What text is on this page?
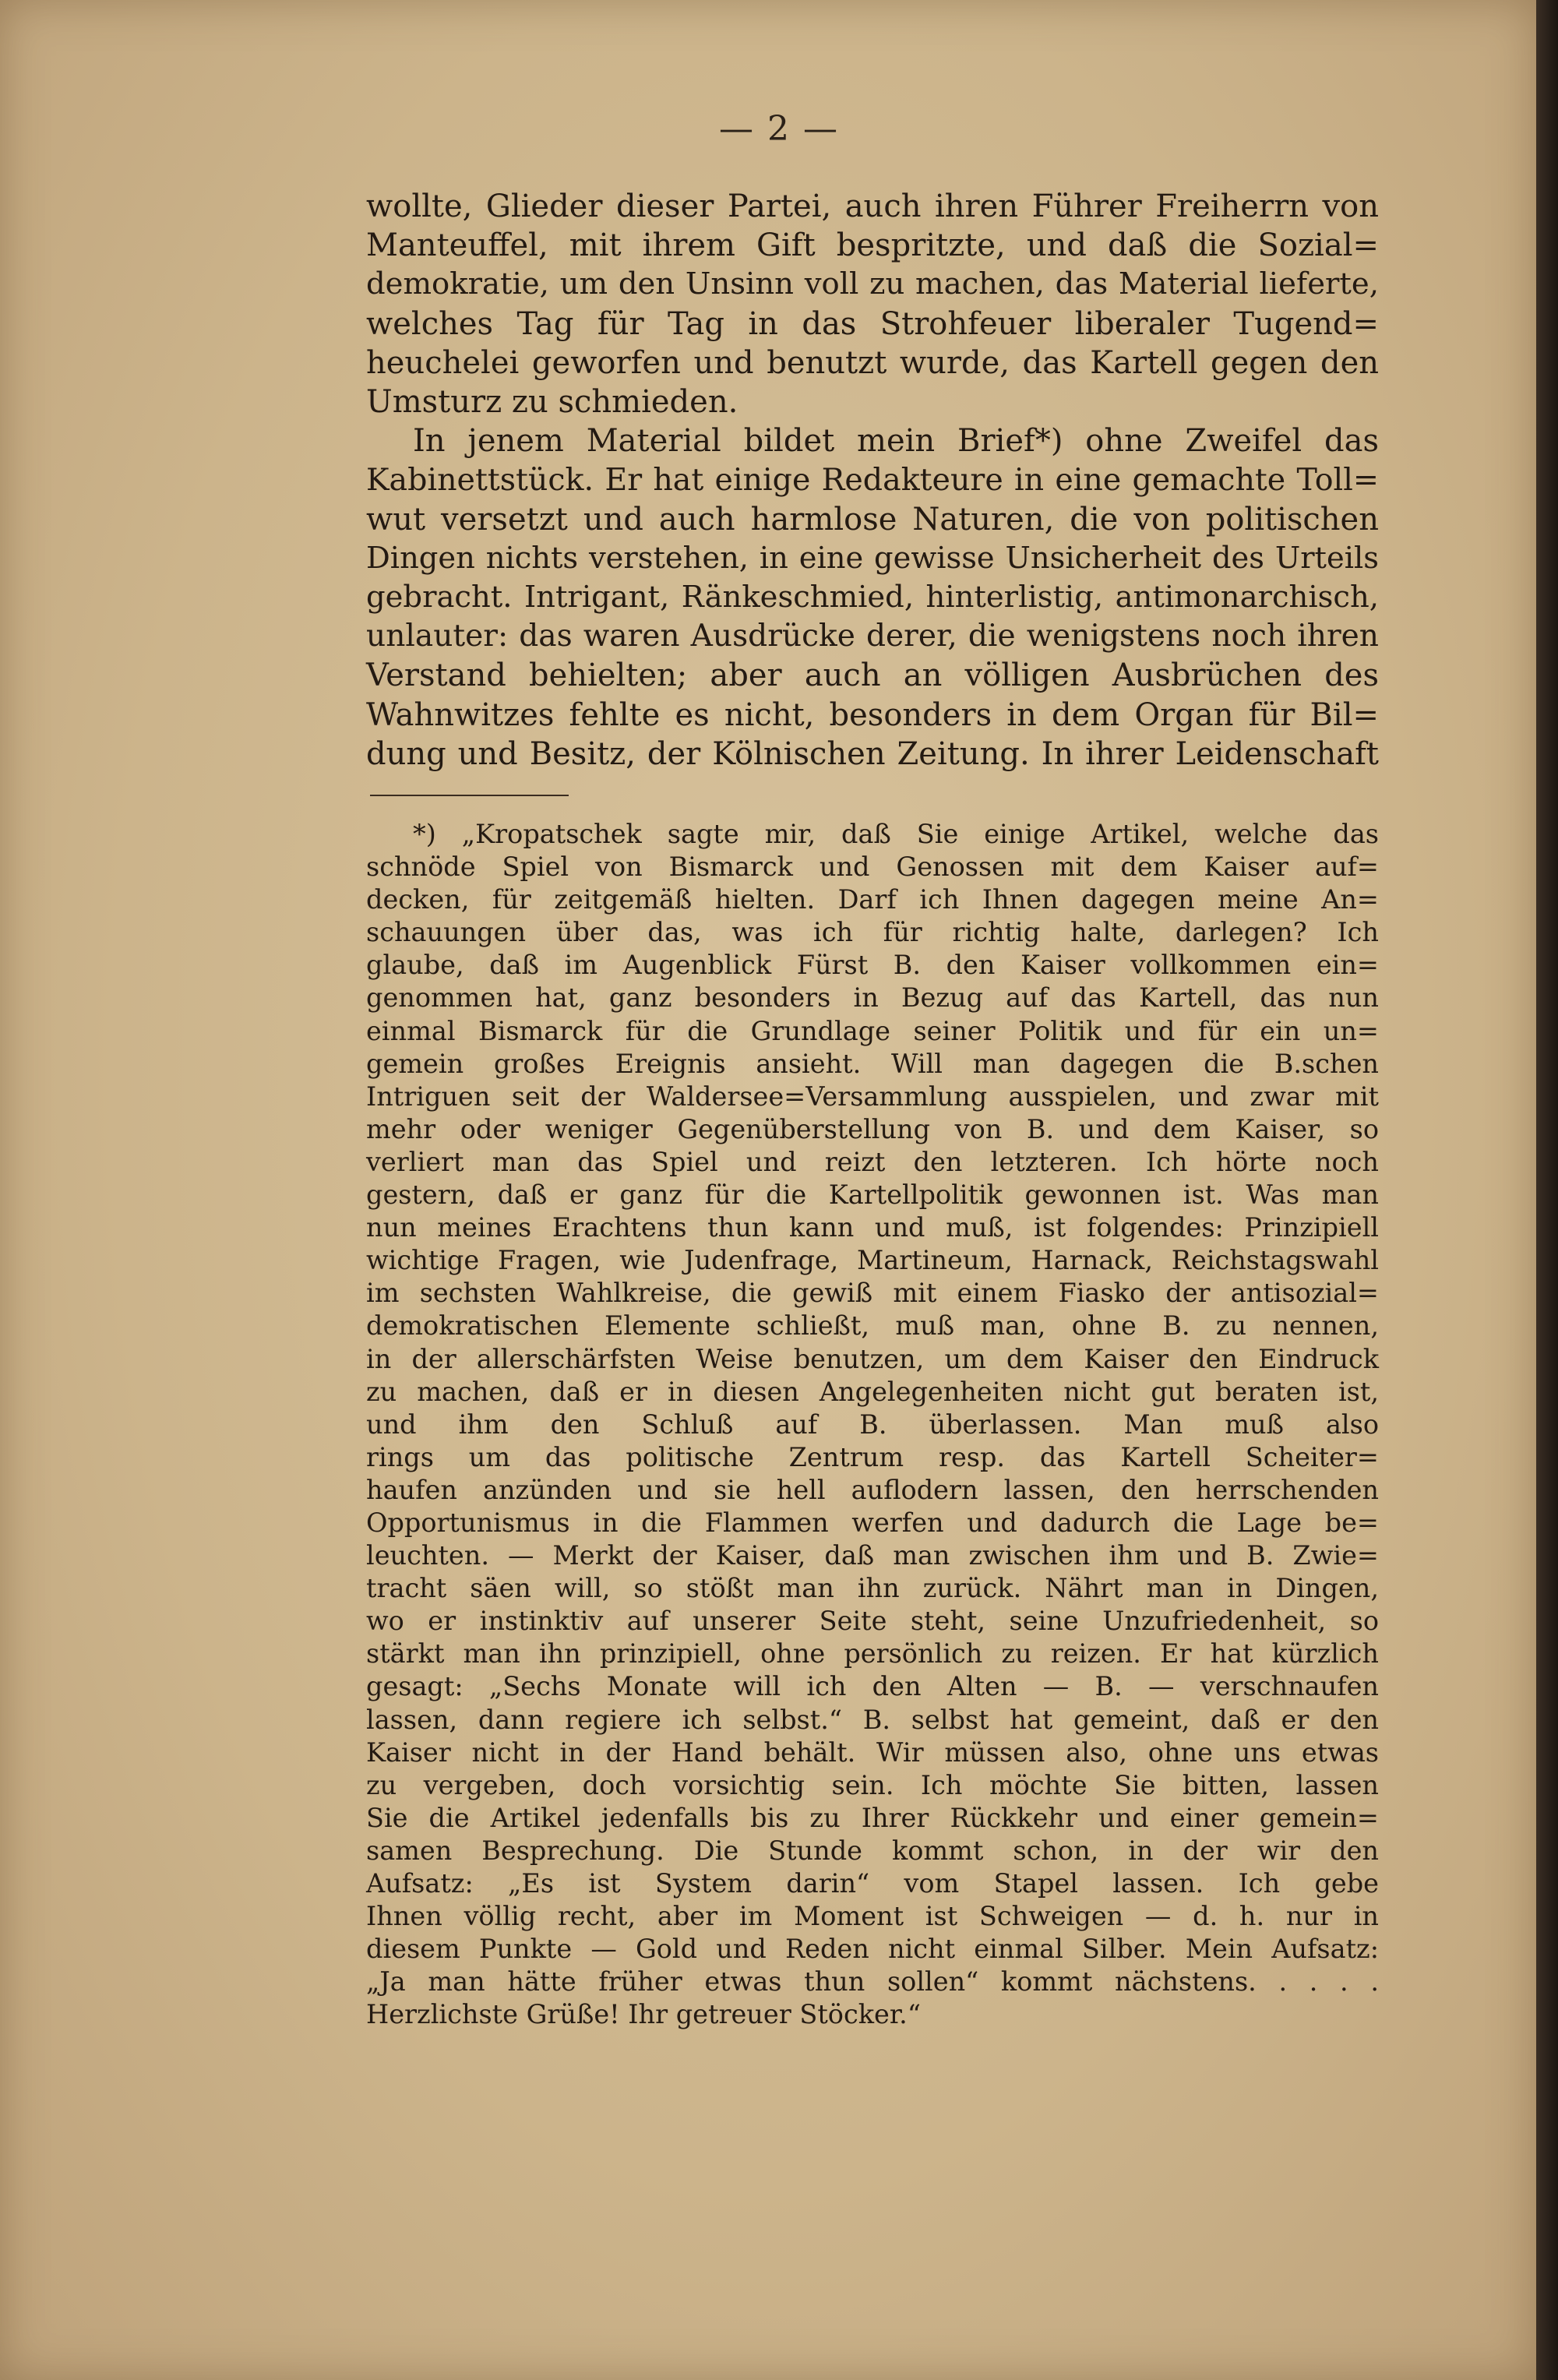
— 2 —
wollte, Glieder dieser Partei, auch ihren Führer Freiherrn von
Manteuffel, mit ihrem Gift bespritzte, und daß die Sozial=
demokratie, um den Unsinn voll zu machen, das Material lieferte,
welches Tag für Tag in das Strohfeuer liberaler Tugend=
heuchelei geworfen und benutzt wurde, das Kartell gegen den
Umsturz zu schmieden.
In jenem Material bildet mein Brief*) ohne Zweifel das
Kabinettstück. Er hat einige Redakteure in eine gemachte Toll=
wut versetzt und auch harmlose Naturen, die von politischen
Dingen nichts verstehen, in eine gewisse Unsicherheit des Urteils
gebracht. Intrigant, Ränkeschmied, hinterlistig, antimonarchisch,
unlauter: das waren Ausdrücke derer, die wenigstens noch ihren
Verstand behielten; aber auch an völligen Ausbrüchen des
Wahnwitzes fehlte es nicht, besonders in dem Organ für Bil=
dung und Besitz, der Kölnischen Zeitung. In ihrer Leidenschaft
*) „Kropatschek sagte mir, daß Sie einige Artikel, welche das
schnöde Spiel von Bismarck und Genossen mit dem Kaiser auf=
decken, für zeitgemäß hielten. Darf ich Ihnen dagegen meine An=
schauungen über das, was ich für richtig halte, darlegen? Ich
glaube, daß im Augenblick Fürst B. den Kaiser vollkommen ein=
genommen hat, ganz besonders in Bezug auf das Kartell, das nun
einmal Bismarck für die Grundlage seiner Politik und für ein un=
gemein großes Ereignis ansieht. Will man dagegen die B.schen
Intriguen seit der Waldersee=Versammlung ausspielen, und zwar mit
mehr oder weniger Gegenüberstellung von B. und dem Kaiser, so
verliert man das Spiel und reizt den letzteren. Ich hörte noch
gestern, daß er ganz für die Kartellpolitik gewonnen ist. Was man
nun meines Erachtens thun kann und muß, ist folgendes: Prinzipiell
wichtige Fragen, wie Judenfrage, Martineum, Harnack, Reichstagswahl
im sechsten Wahlkreise, die gewiß mit einem Fiasko der antisozial=
demokratischen Elemente schließt, muß man, ohne B. zu nennen,
in der allerschärfsten Weise benutzen, um dem Kaiser den Eindruck
zu machen, daß er in diesen Angelegenheiten nicht gut beraten ist,
und ihm den Schluß auf B. überlassen. Man muß also
rings um das politische Zentrum resp. das Kartell Scheiter=
haufen anzünden und sie hell auflodern lassen, den herrschenden
Opportunismus in die Flammen werfen und dadurch die Lage be=
leuchten. — Merkt der Kaiser, daß man zwischen ihm und B. Zwie=
tracht säen will, so stößt man ihn zurück. Nährt man in Dingen,
wo er instinktiv auf unserer Seite steht, seine Unzufriedenheit, so
stärkt man ihn prinzipiell, ohne persönlich zu reizen. Er hat kürzlich
gesagt: „Sechs Monate will ich den Alten — B. — verschnaufen
lassen, dann regiere ich selbst.“ B. selbst hat gemeint, daß er den
Kaiser nicht in der Hand behält. Wir müssen also, ohne uns etwas
zu vergeben, doch vorsichtig sein. Ich möchte Sie bitten, lassen
Sie die Artikel jedenfalls bis zu Ihrer Rückkehr und einer gemein=
samen Besprechung. Die Stunde kommt schon, in der wir den
Aufsatz: „Es ist System darin“ vom Stapel lassen. Ich gebe
Ihnen völlig recht, aber im Moment ist Schweigen — d. h. nur in
diesem Punkte — Gold und Reden nicht einmal Silber. Mein Aufsatz:
„Ja man hätte früher etwas thun sollen“ kommt nächstens. . . . .
Herzlichste Grüße! Ihr getreuer Stöcker.“
